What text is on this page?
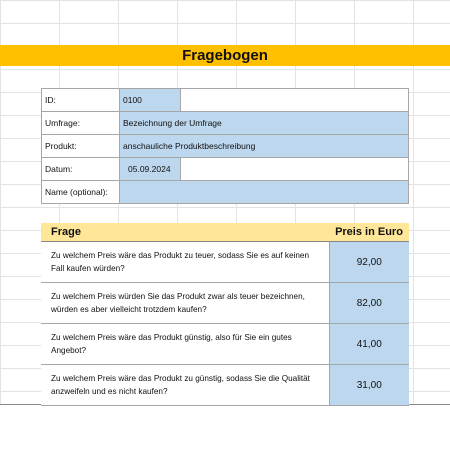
Fragebogen
ID:	0100	
Umfrage:	Bezeichnung der Umfrage	
Produkt:	anschauliche Produktbeschreibung	
Datum:	05.09.2024	
Name (optional):		
Frage	Preis in Euro
Zu welchem Preis wäre das Produkt zu teuer, sodass Sie es auf keinen Fall kaufen würden?	92,00
Zu welchem Preis würden Sie das Produkt zwar als teuer bezeichnen, würden es aber vielleicht trotzdem kaufen?	82,00
Zu welchem Preis wäre das Produkt günstig, also für Sie ein gutes Angebot?	41,00
Zu welchem Preis wäre das Produkt zu günstig, sodass Sie die Qualität anzweifeln und es nicht kaufen?	31,00
